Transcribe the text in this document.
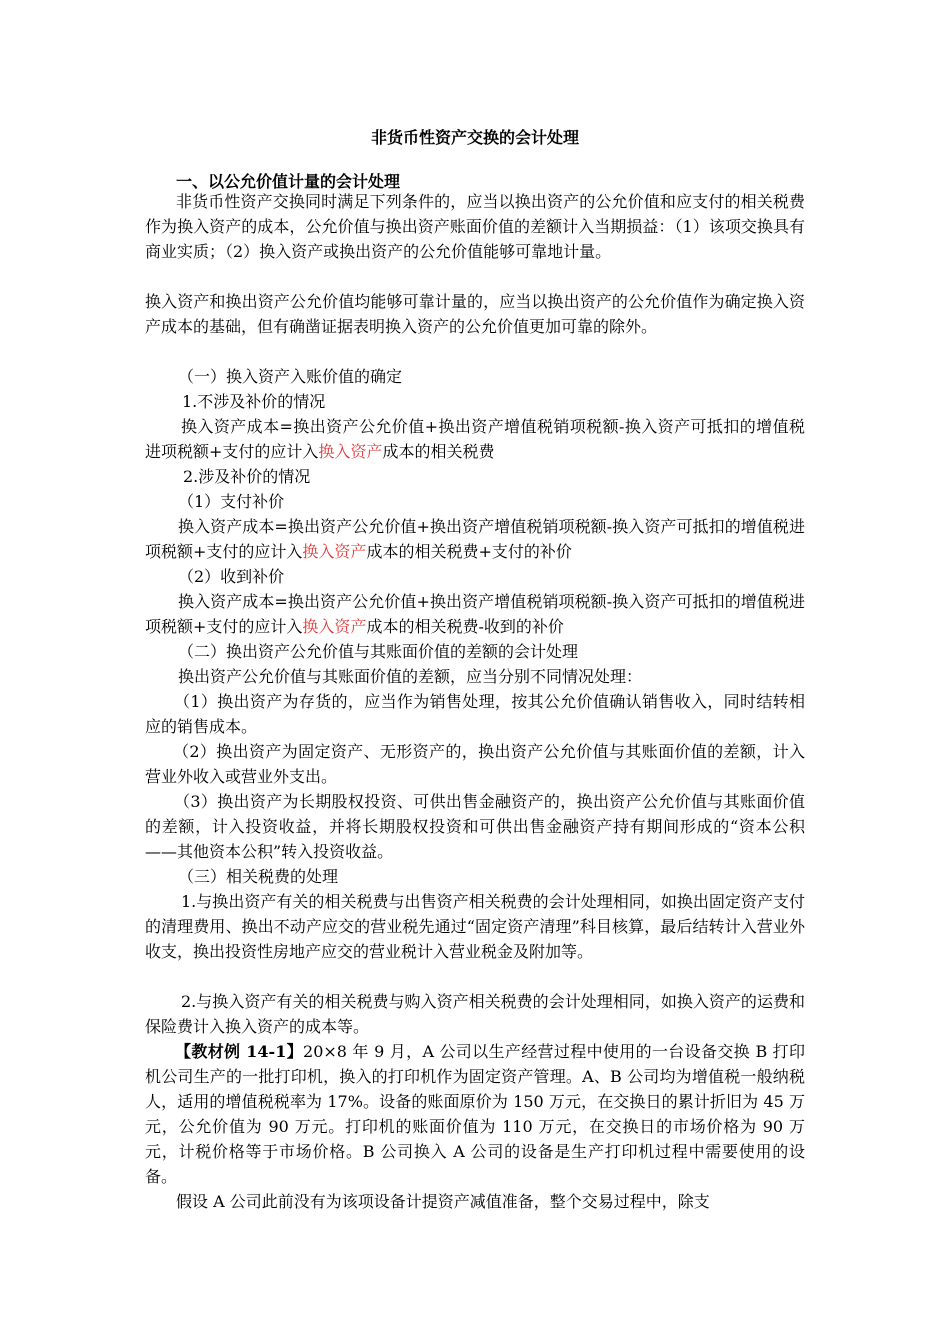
非货币性资产交换的会计处理
一、以公允价值计量的会计处理
非货币性资产交换同时满足下列条件的，应当以换出资产的公允价值和应支付的相关税费作为换入资产的成本，公允价值与换出资产账面价值的差额计入当期损益：（1）该项交换具有商业实质；（2）换入资产或换出资产的公允价值能够可靠地计量。
换入资产和换出资产公允价值均能够可靠计量的，应当以换出资产的公允价值作为确定换入资产成本的基础，但有确凿证据表明换入资产的公允价值更加可靠的除外。
（一）换入资产入账价值的确定
1.不涉及补价的情况
换入资产成本=换出资产公允价值+换出资产增值税销项税额-换入资产可抵扣的增值税进项税额+支付的应计入换入资产成本的相关税费
2.涉及补价的情况
（1）支付补价
换入资产成本=换出资产公允价值+换出资产增值税销项税额-换入资产可抵扣的增值税进项税额+支付的应计入换入资产成本的相关税费+支付的补价
（2）收到补价
换入资产成本=换出资产公允价值+换出资产增值税销项税额-换入资产可抵扣的增值税进项税额+支付的应计入换入资产成本的相关税费-收到的补价
（二）换出资产公允价值与其账面价值的差额的会计处理
换出资产公允价值与其账面价值的差额，应当分别不同情况处理：
（1）换出资产为存货的，应当作为销售处理，按其公允价值确认销售收入，同时结转相应的销售成本。
（2）换出资产为固定资产、无形资产的，换出资产公允价值与其账面价值的差额，计入营业外收入或营业外支出。
（3）换出资产为长期股权投资、可供出售金融资产的，换出资产公允价值与其账面价值的差额，计入投资收益，并将长期股权投资和可供出售金融资产持有期间形成的“资本公积——其他资本公积”转入投资收益。
（三）相关税费的处理
1.与换出资产有关的相关税费与出售资产相关税费的会计处理相同，如换出固定资产支付的清理费用、换出不动产应交的营业税先通过“固定资产清理”科目核算，最后结转计入营业外收支，换出投资性房地产应交的营业税计入营业税金及附加等。
2.与换入资产有关的相关税费与购入资产相关税费的会计处理相同，如换入资产的运费和保险费计入换入资产的成本等。
【教材例 14-1】20×8 年 9 月，A 公司以生产经营过程中使用的一台设备交换 B 打印机公司生产的一批打印机，换入的打印机作为固定资产管理。A、B 公司均为增值税一般纳税人，适用的增值税税率为 17%。设备的账面原价为 150 万元，在交换日的累计折旧为 45 万元，公允价值为 90 万元。打印机的账面价值为 110 万元，在交换日的市场价格为 90 万元，计税价格等于市场价格。B 公司换入 A 公司的设备是生产打印机过程中需要使用的设备。
假设 A 公司此前没有为该项设备计提资产减值准备，整个交易过程中，除支
